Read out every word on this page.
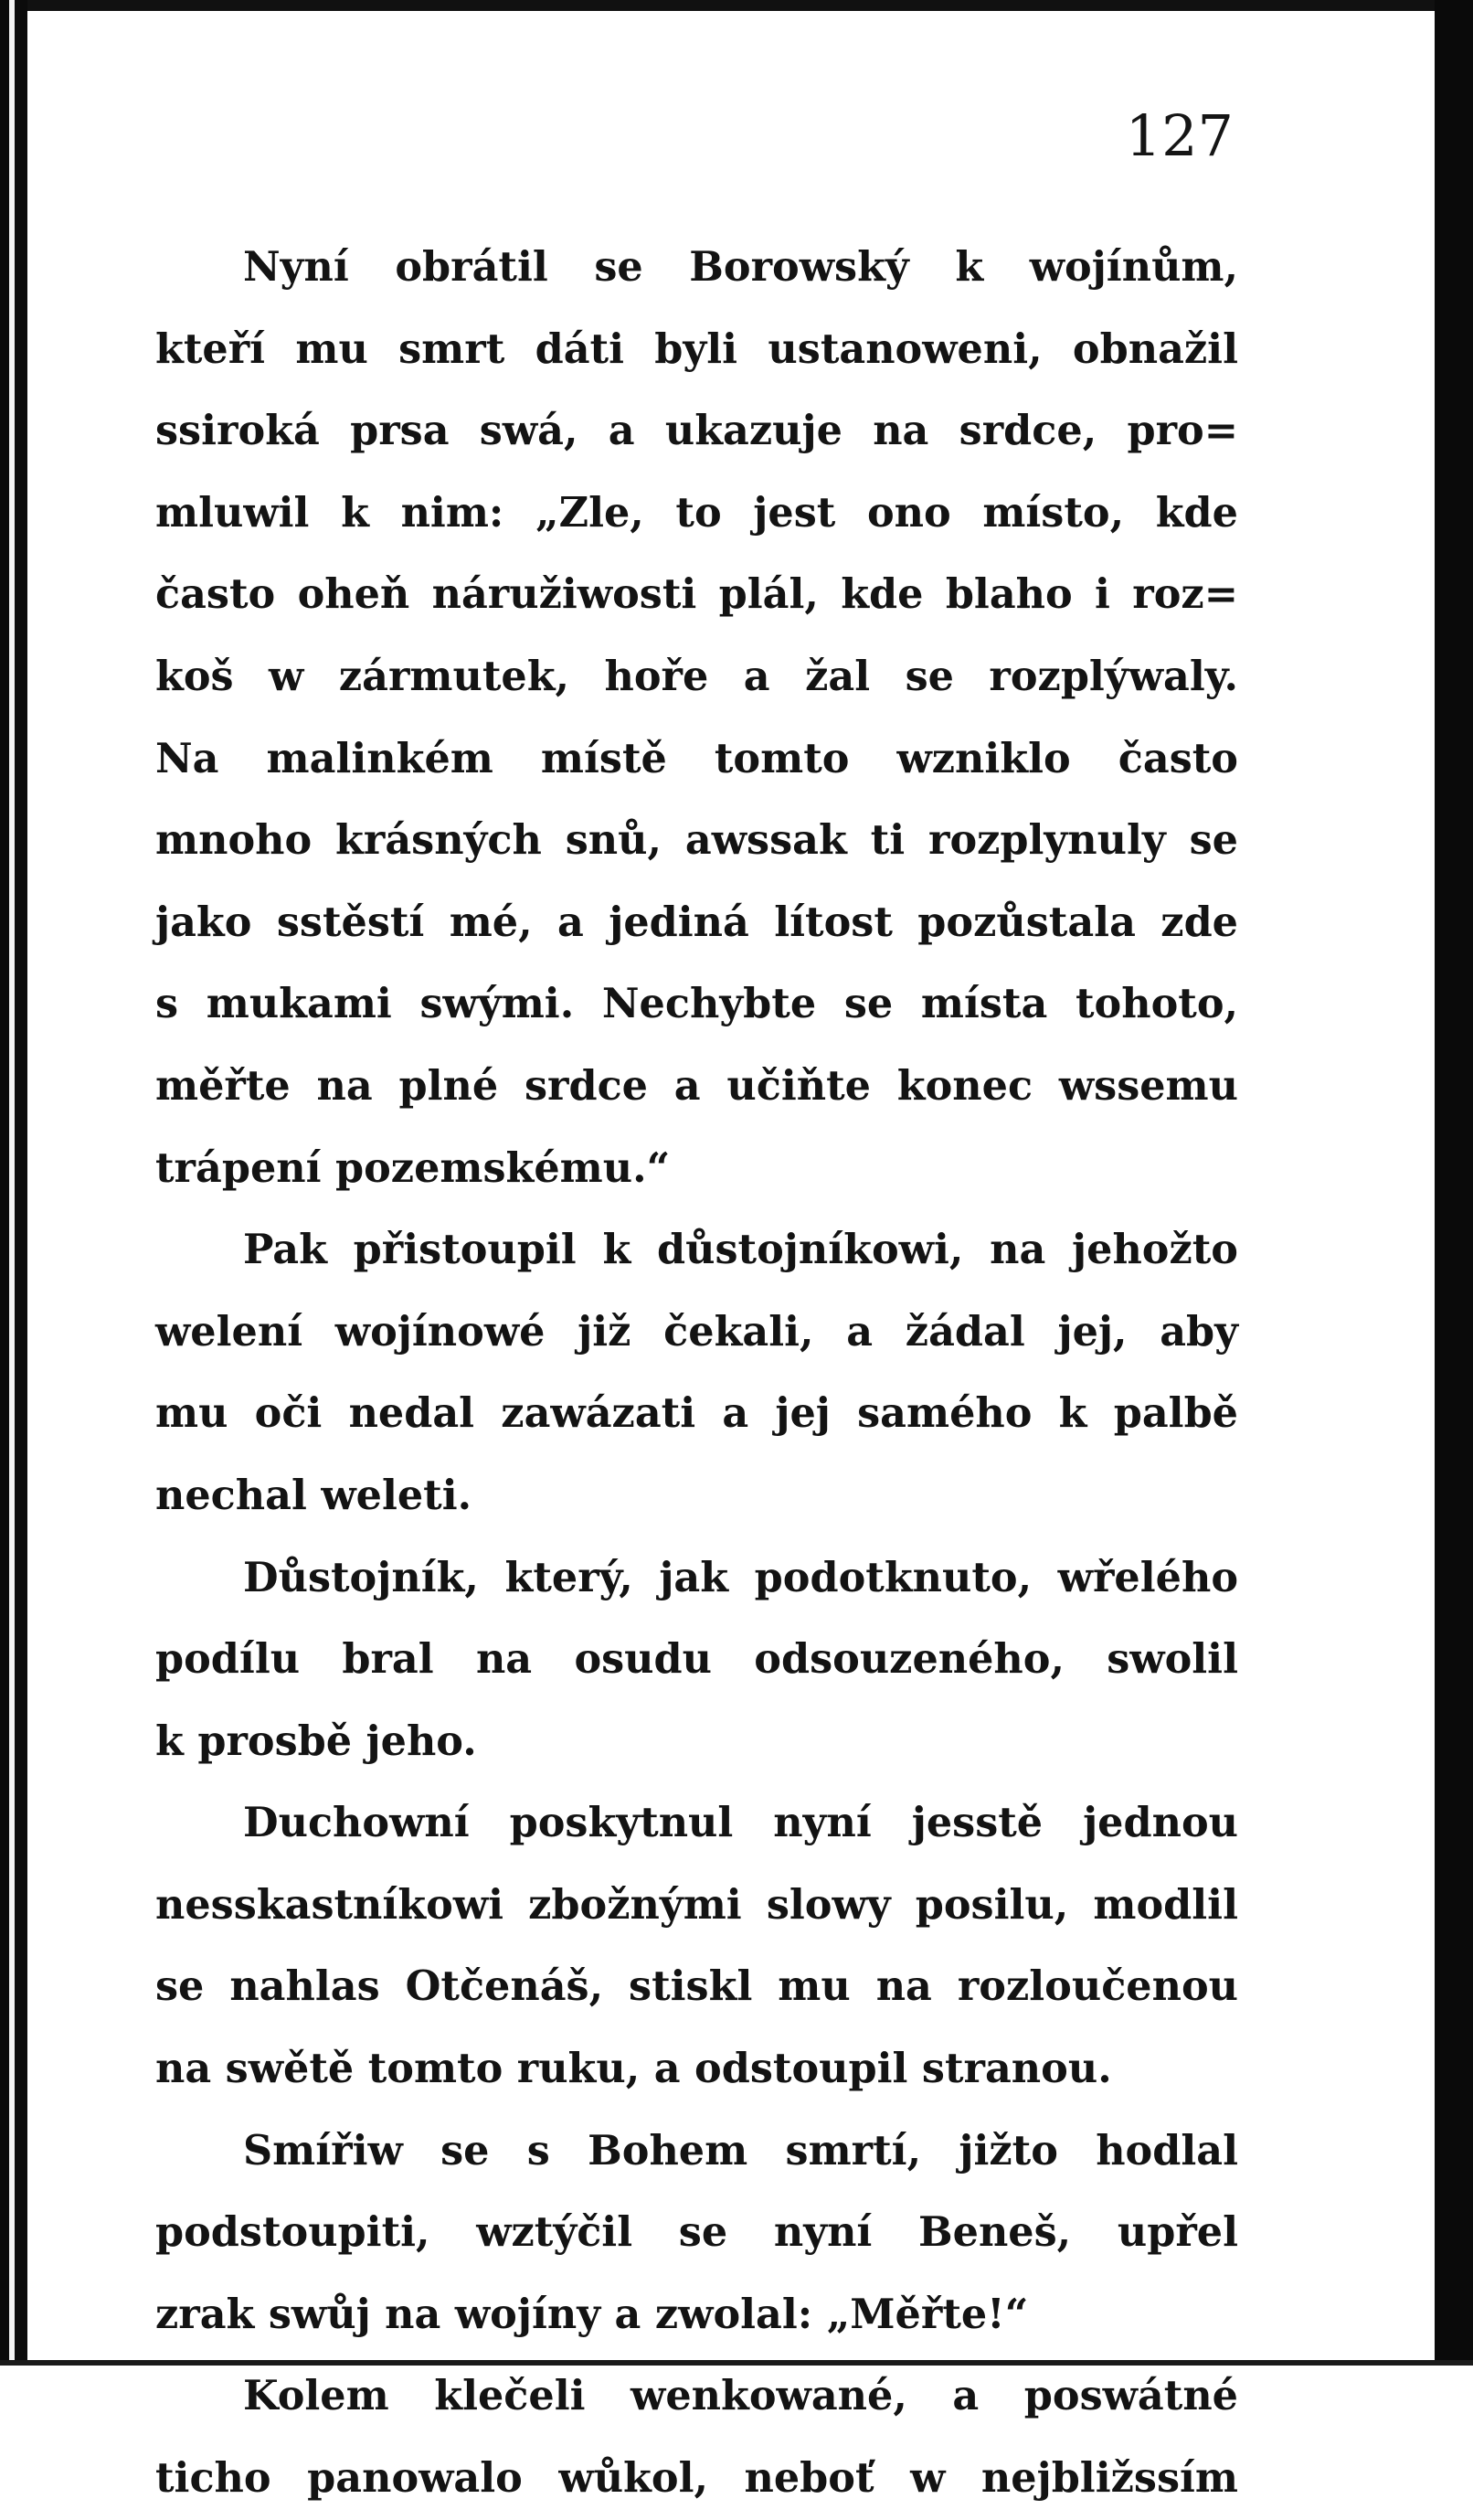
127
Nyní obrátil se Borowský k wojínům,
kteří mu smrt dáti byli ustanoweni, obnažil
ssiroká prsa swá, a ukazuje na srdce, pro=
mluwil k nim: „Zle, to jest ono místo, kde
často oheň náružiwosti plál, kde blaho i roz=
koš w zármutek, hoře a žal se rozplýwaly.
Na malinkém místě tomto wzniklo často
mnoho krásných snů, awssak ti rozplynuly se
jako sstěstí mé, a jediná lítost pozůstala zde
s mukami swými. Nechybte se místa tohoto,
měřte na plné srdce a učiňte konec wssemu
trápení pozemskému.“
Pak přistoupil k důstojníkowi, na jehožto
welení wojínowé již čekali, a žádal jej, aby
mu oči nedal zawázati a jej samého k palbě
nechal weleti.
Důstojník, který, jak podotknuto, wřelého
podílu bral na osudu odsouzeného, swolil
k prosbě jeho.
Duchowní poskytnul nyní jesstě jednou
nesskastníkowi zbožnými slowy posilu, modlil
se nahlas Otčenáš, stiskl mu na rozloučenou
na swětě tomto ruku, a odstoupil stranou.
Smířiw se s Bohem smrtí, jižto hodlal
podstoupiti, wztýčil se nyní Beneš, upřel
zrak swůj na wojíny a zwolal: „Měřte!“
Kolem klečeli wenkowané, a poswátné
ticho panowalo wůkol, neboť w nejbližssím
